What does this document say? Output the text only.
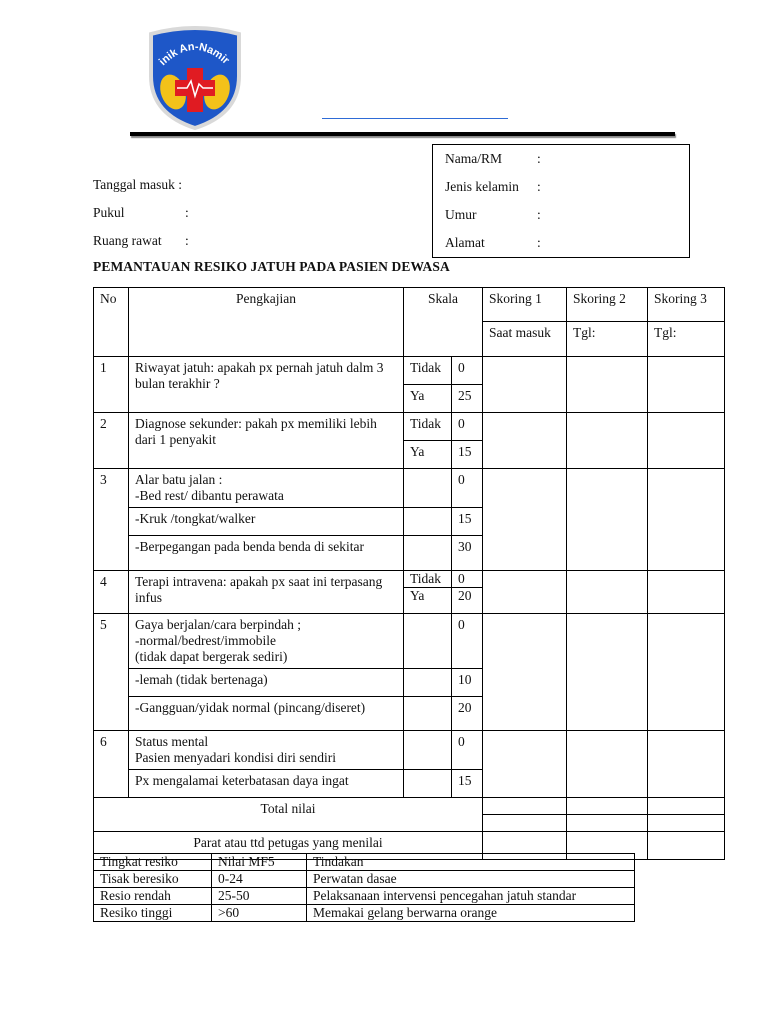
inik An-Namir
Nama/RM	:
Jenis kelamin :
Umur	:
Alamat	:
Tanggal masuk :
Pukul	:
Ruang rawat :
PEMANTAUAN RESIKO JATUH PADA PASIEN DEWASA
No	Pengkajian	Skala		Skoring 1	Skoring 2	Skoring 3
				Saat masuk	Tgl:	Tgl:
1	Riwayat jatuh: apakah px pernah jatuh dalm 3 bulan terakhir ?	Tidak	0			
		Ya	25			
2	Diagnose sekunder: pakah px memiliki lebih dari 1 penyakit	Tidak	0			
		Ya	15			
3	Alar batu jalan :
-Bed rest/ dibantu perawata		0			
	-Kruk /tongkat/walker		15			
	-Berpegangan pada benda benda di sekitar		30			
4	Terapi intravena: apakah px saat ini terpasang infus	Tidak	0			
		Ya	20			
5	Gaya berjalan/cara berpindah ;
-normal/bedrest/immobile
(tidak dapat bergerak sediri)		0			
	-lemah (tidak bertenaga)		10			
	-Gangguan/yidak normal (pincang/diseret)		20			
6	Status mental
Pasien menyadari kondisi diri sendiri		0			
	Px mengalamai keterbatasan daya ingat		15			
Total nilai						

Parat atau ttd petugas yang menilai						
Tingkat resiko	Nilai MF5	Tindakan
Tisak beresiko	0-24	Perwatan dasae
Resio rendah	25-50	Pelaksanaan intervensi pencegahan jatuh standar
Resiko tinggi	>60	Memakai gelang berwarna orange
